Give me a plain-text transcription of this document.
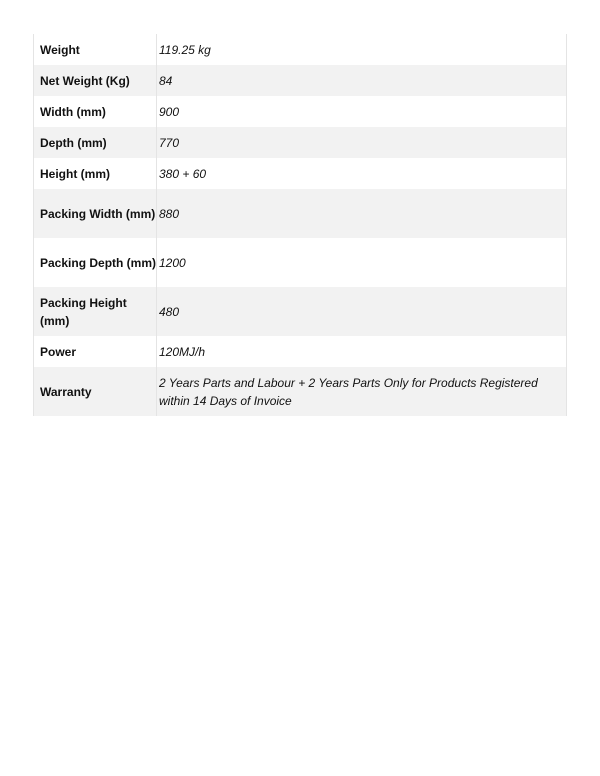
Weight	119.25 kg
Net Weight (Kg)	84
Width (mm)	900
Depth (mm)	770
Height (mm)	380 + 60
Packing Width (mm)	880
Packing Depth (mm)	1200
Packing Height (mm)	480
Power	120MJ/h
Warranty	2 Years Parts and Labour + 2 Years Parts Only for Products Registered within 14 Days of Invoice
